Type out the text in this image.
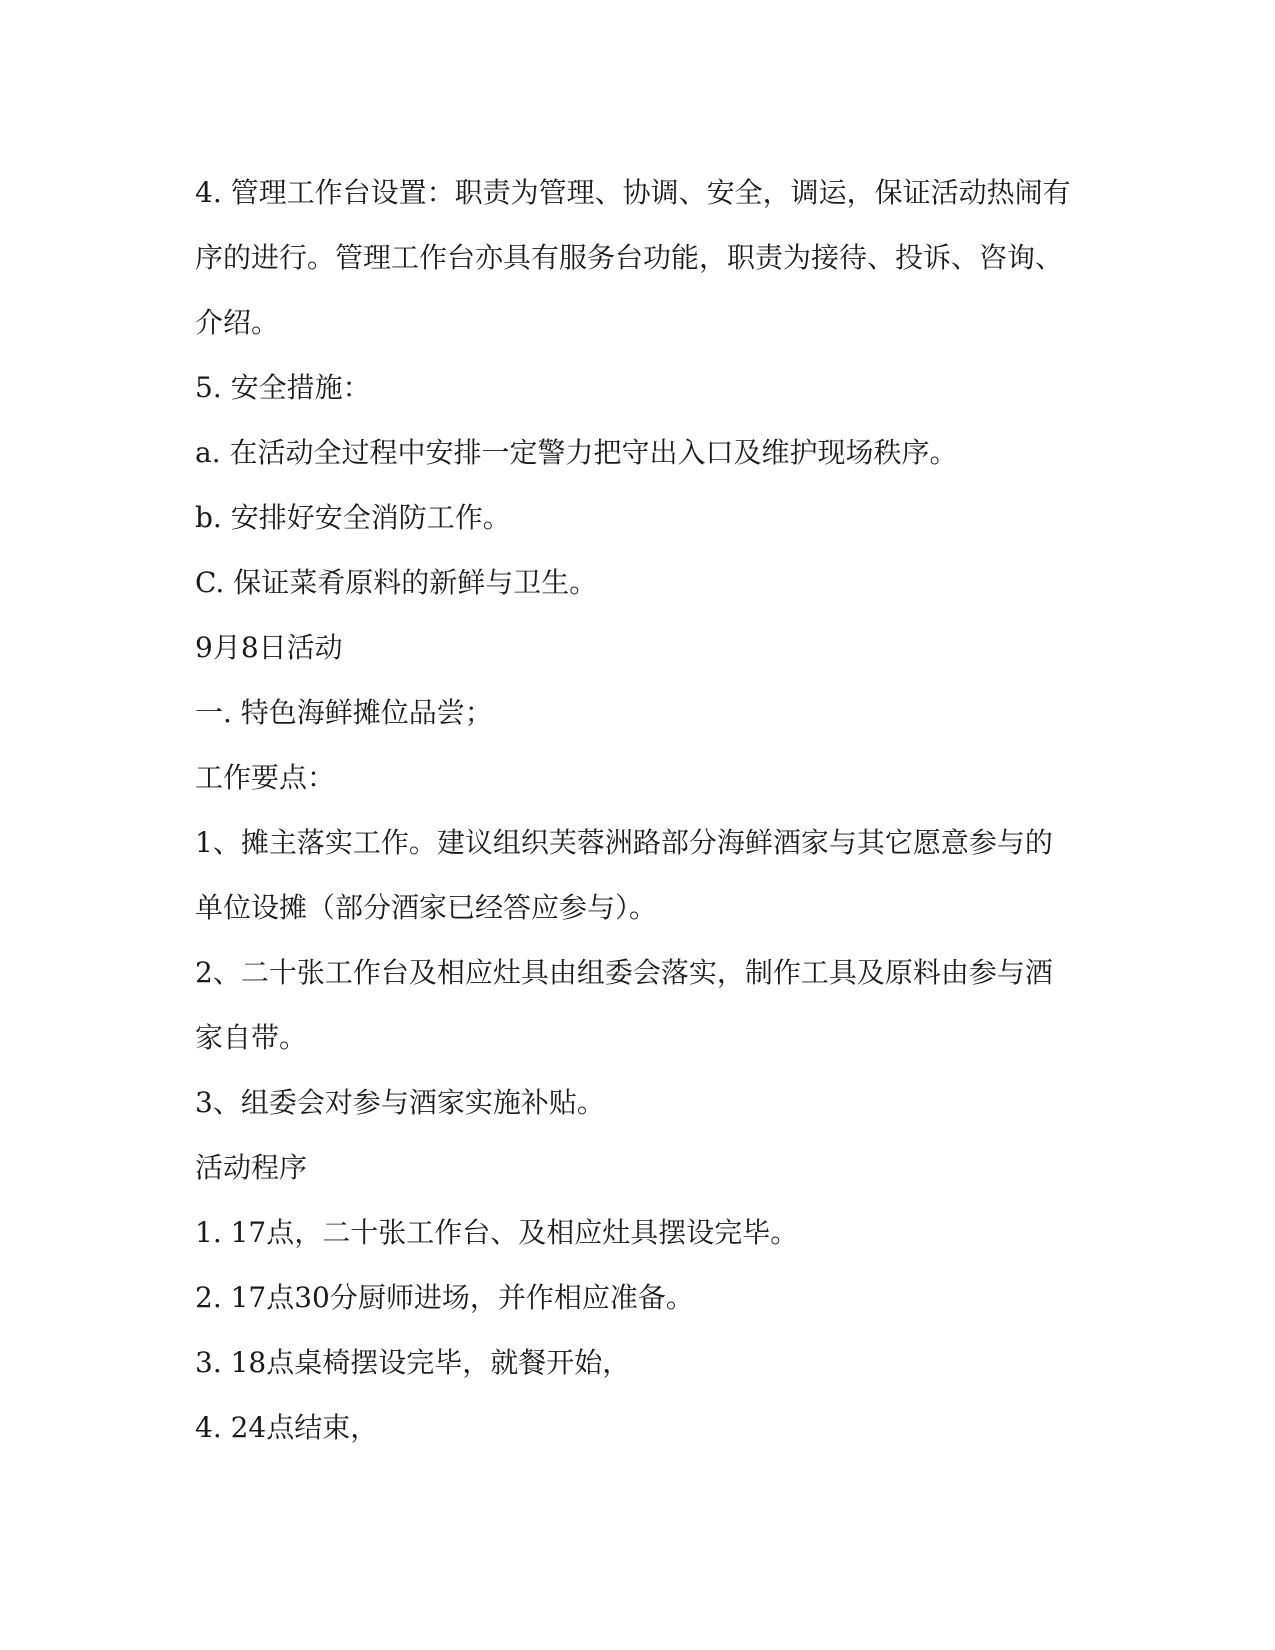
4. 管理工作台设置：职责为管理、协调、安全，调运，保证活动热闹有序的进行。管理工作台亦具有服务台功能，职责为接待、投诉、咨询、介绍。

5. 安全措施：

a. 在活动全过程中安排一定警力把守出入口及维护现场秩序。

b. 安排好安全消防工作。

C. 保证菜肴原料的新鲜与卫生。

9月8日活动

一. 特色海鲜摊位品尝；

工作要点：

1、摊主落实工作。建议组织芙蓉洲路部分海鲜酒家与其它愿意参与的单位设摊（部分酒家已经答应参与）。

2、二十张工作台及相应灶具由组委会落实，制作工具及原料由参与酒家自带。

3、组委会对参与酒家实施补贴。

活动程序

1. 17点，二十张工作台、及相应灶具摆设完毕。

2. 17点30分厨师进场，并作相应准备。

3. 18点桌椅摆设完毕，就餐开始，

4. 24点结束，
